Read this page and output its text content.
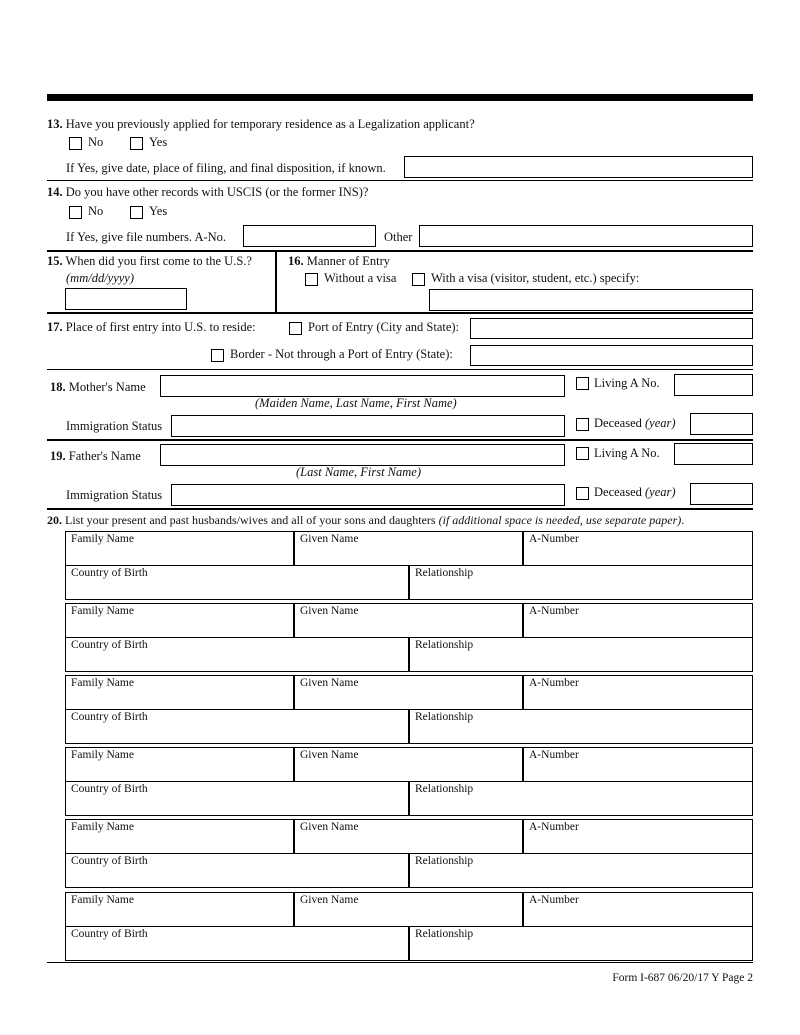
13. Have you previously applied for temporary residence as a Legalization applicant?
No	Yes
If Yes, give date, place of filing, and final disposition, if known.
14. Do you have other records with USCIS (or the former INS)?
No	Yes
If Yes, give file numbers. A-No.	Other
15. When did you first come to the U.S.?
(mm/dd/yyyy)
16. Manner of Entry
Without a visa	With a visa (visitor, student, etc.) specify:
17. Place of first entry into U.S. to reside:	Port of Entry (City and State):
Border - Not through a Port of Entry (State):
18. Mother's Name
(Maiden Name, Last Name, First Name)
Living A No.
Immigration Status	Deceased (year)
19. Father's Name
(Last Name, First Name)
Living A No.
Immigration Status	Deceased (year)
20. List your present and past husbands/wives and all of your sons and daughters (if additional space is needed, use separate paper).
Family Name	Given Name	A-Number
Country of Birth	Relationship
Family Name	Given Name	A-Number
Country of Birth	Relationship
Family Name	Given Name	A-Number
Country of Birth	Relationship
Family Name	Given Name	A-Number
Country of Birth	Relationship
Family Name	Given Name	A-Number
Country of Birth	Relationship
Family Name	Given Name	A-Number
Country of Birth	Relationship
Form I-687 06/20/17 Y Page 2
